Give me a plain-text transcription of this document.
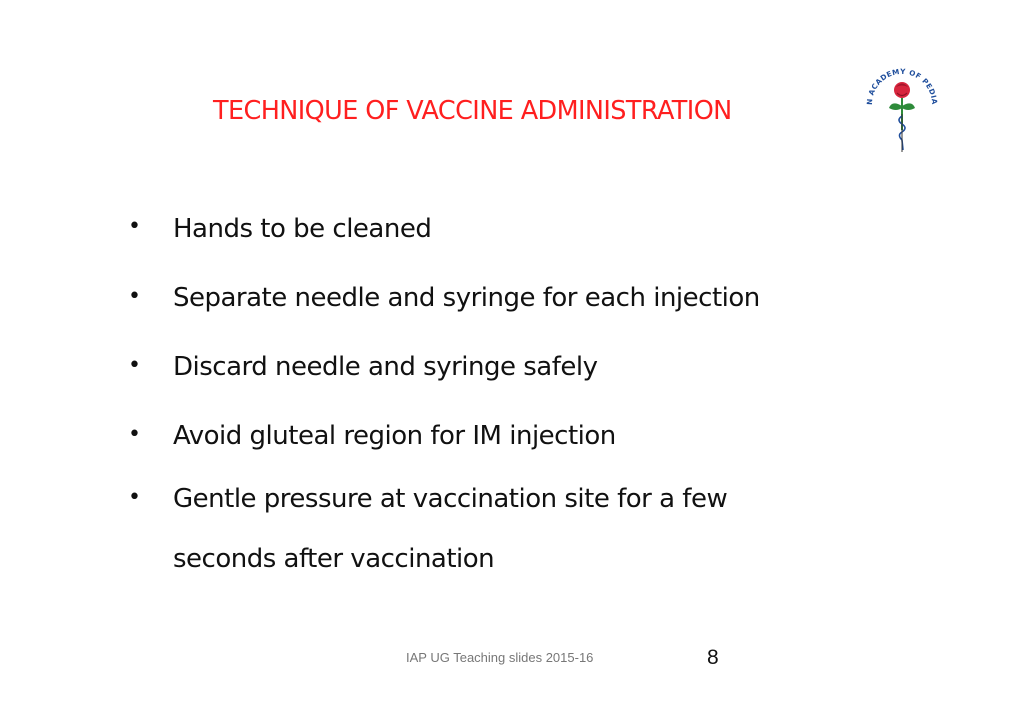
TECHNIQUE OF VACCINE ADMINISTRATION	N ACADEMY OF PEDIA
• Hands to be cleaned
• Separate needle and syringe for each injection
• Discard needle and syringe safely
• Avoid gluteal region for IM injection
• Gentle pressure at vaccination site for a few seconds after vaccination
IAP UG Teaching slides 2015-16	8
